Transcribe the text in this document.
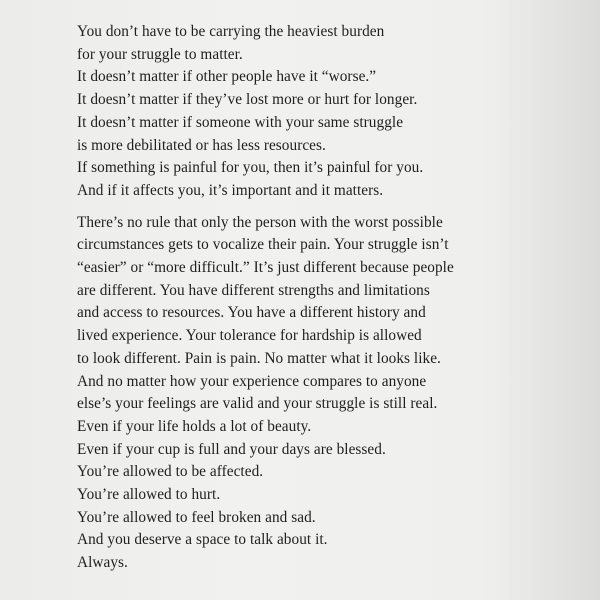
You don’t have to be carrying the heaviest burden
for your struggle to matter.
It doesn’t matter if other people have it “worse.”
It doesn’t matter if they’ve lost more or hurt for longer.
It doesn’t matter if someone with your same struggle
is more debilitated or has less resources.
If something is painful for you, then it’s painful for you.
And if it affects you, it’s important and it matters.

There’s no rule that only the person with the worst possible
circumstances gets to vocalize their pain. Your struggle isn’t
“easier” or “more difficult.” It’s just different because people
are different. You have different strengths and limitations
and access to resources. You have a different history and
lived experience. Your tolerance for hardship is allowed
to look different. Pain is pain. No matter what it looks like.
And no matter how your experience compares to anyone
else’s your feelings are valid and your struggle is still real.
Even if your life holds a lot of beauty.
Even if your cup is full and your days are blessed.
You’re allowed to be affected.
You’re allowed to hurt.
You’re allowed to feel broken and sad.
And you deserve a space to talk about it.
Always.
